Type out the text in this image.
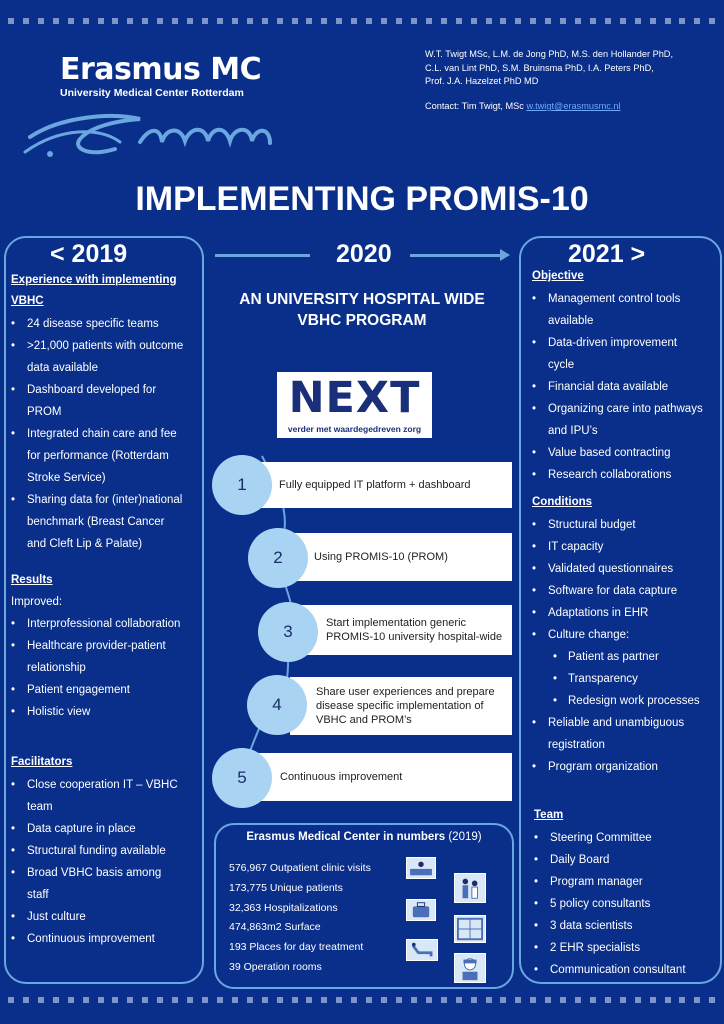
Erasmus MC
University Medical Center Rotterdam
W.T. Twigt MSc, L.M. de Jong PhD, M.S. den Hollander PhD,
C.L. van Lint PhD, S.M. Bruinsma PhD, I.A. Peters PhD,
Prof. J.A. Hazelzet PhD MD
Contact: Tim Twigt, MSc w.twigt@erasmusmc.nl
IMPLEMENTING PROMIS-10
< 2019	2020	2021 >
Experience with implementing
VBHC
• 24 disease specific teams
• >21,000 patients with outcome
data available
• Dashboard developed for
PROM
• Integrated chain care and fee
for performance (Rotterdam
Stroke Service)
• Sharing data for (inter)national
benchmark (Breast Cancer
and Cleft Lip & Palate)
Results
Improved:
• Interprofessional collaboration
• Healthcare provider-patient
relationship
• Patient engagement
• Holistic view
Facilitators
• Close cooperation IT – VBHC
team
• Data capture in place
• Structural funding available
• Broad VBHC basis among
staff
• Just culture
• Continuous improvement
AN UNIVERSITY HOSPITAL WIDE
VBHC PROGRAM
NEXT
verder met waardegedreven zorg
Fully equipped IT platform + dashboard
1
Using PROMIS-10 (PROM)
2
Start implementation generic PROMIS-10 university hospital-wide
3
Share user experiences and prepare disease specific implementation of VBHC and PROM’s
4
Continuous improvement
5
Erasmus Medical Center in numbers (2019)
576,967 Outpatient clinic visits
173,775 Unique patients
32,363 Hospitalizations
474,863m2 Surface
193 Places for day treatment
39 Operation rooms
Objective
• Management control tools
available
• Data-driven improvement
cycle
• Financial data available
• Organizing care into pathways
and IPU’s
• Value based contracting
• Research collaborations
Conditions
• Structural budget
• IT capacity
• Validated questionnaires
• Software for data capture
• Adaptations in EHR
• Culture change:
• Patient as partner
• Transparency
• Redesign work processes
• Reliable and unambiguous
registration
• Program organization
Team
• Steering Committee
• Daily Board
• Program manager
• 5 policy consultants
• 3 data scientists
• 2 EHR specialists
• Communication consultant
